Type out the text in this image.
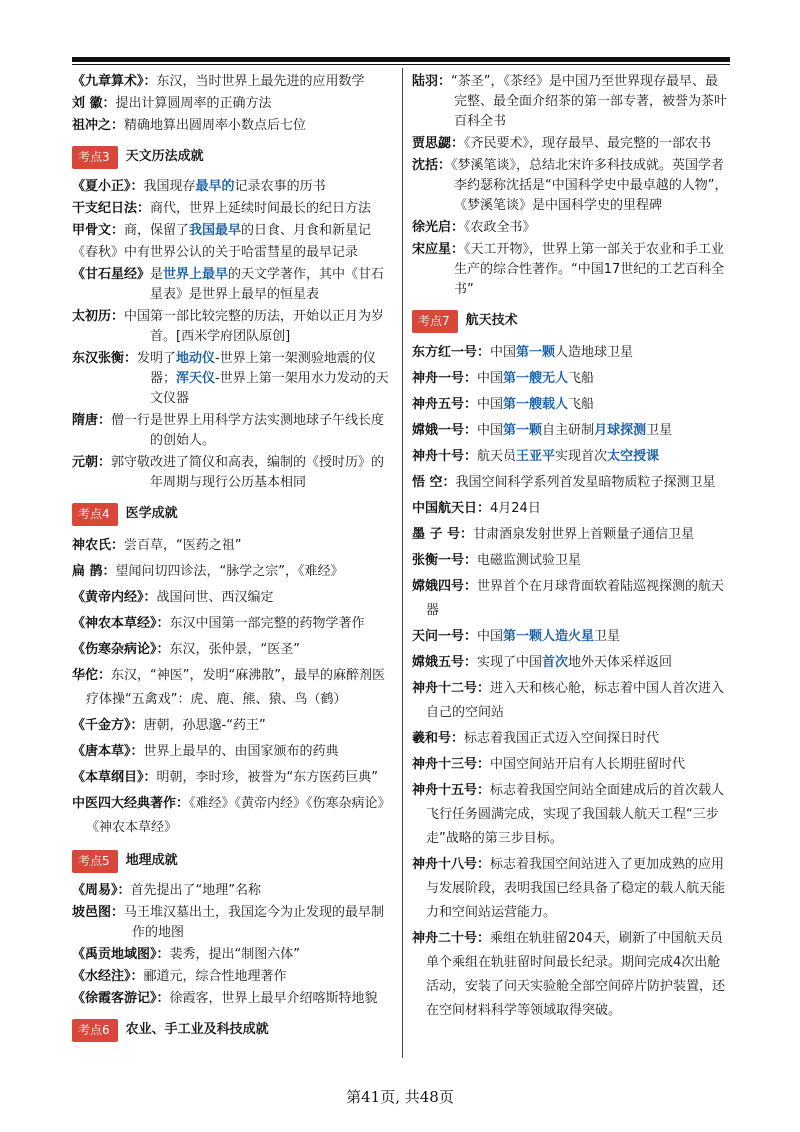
《九章算术》：东汉，当时世界上最先进的应用数学
刘 徽：提出计算圆周率的正确方法
祖冲之：精确地算出圆周率小数点后七位
考点3	天文历法成就
《夏小正》：我国现存最早的记录农事的历书
干支纪日法：商代，世界上延续时间最长的纪日方法
甲骨文：商，保留了我国最早的日食、月食和新星记
《春秋》中有世界公认的关于哈雷彗星的最早记录
《甘石星经》是世界上最早的天文学著作，其中《甘石星表》是世界上最早的恒星表
太初历：中国第一部比较完整的历法，开始以正月为岁首。[西米学府团队原创]
东汉张衡：发明了地动仪-世界上第一架测验地震的仪器；浑天仪-世界上第一架用水力发动的天文仪器
隋唐：僧一行是世界上用科学方法实测地球子午线长度的创始人。
元朝：郭守敬改进了简仪和高表，编制的《授时历》的年周期与现行公历基本相同
考点4	医学成就
神农氏：尝百草，“医药之祖”
扁 鹊：望闻问切四诊法，“脉学之宗”，《难经》
《黄帝内经》：战国问世、西汉编定
《神农本草经》：东汉中国第一部完整的药物学著作
《伤寒杂病论》：东汉，张仲景，“医圣”
华佗：东汉，“神医”，发明“麻沸散”，最早的麻醉剂医疗体操“五禽戏”：虎、鹿、熊、猿、鸟（鹤）
《千金方》：唐朝，孙思邈-“药王”
《唐本草》：世界上最早的、由国家颁布的药典
《本草纲目》：明朝，李时珍，被誉为“东方医药巨典”
中医四大经典著作：《难经》《黄帝内经》《伤寒杂病论》《神农本草经》
考点5	地理成就
《周易》：首先提出了“地理”名称
坡邑图：马王堆汉墓出土，我国迄今为止发现的最早制作的地图
《禹贡地域图》：裴秀，提出“制图六体”
《水经注》：郦道元，综合性地理著作
《徐霞客游记》：徐霞客，世界上最早介绍喀斯特地貌
考点6	农业、手工业及科技成就
陆羽：“茶圣”，《茶经》是中国乃至世界现存最早、最完整、最全面介绍茶的第一部专著，被誉为茶叶百科全书
贾思勰：《齐民要术》，现存最早、最完整的一部农书
沈括：《梦溪笔谈》，总结北宋许多科技成就。英国学者李约瑟称沈括是“中国科学史中最卓越的人物”，《梦溪笔谈》是中国科学史的里程碑
徐光启：《农政全书》
宋应星：《天工开物》，世界上第一部关于农业和手工业生产的综合性著作。“中国17世纪的工艺百科全书”
考点7	航天技术
东方红一号：中国第一颗人造地球卫星
神舟一号：中国第一艘无人飞船
神舟五号：中国第一艘载人飞船
嫦娥一号：中国第一颗自主研制月球探测卫星
神舟十号：航天员王亚平实现首次太空授课
悟 空：我国空间科学系列首发星暗物质粒子探测卫星
中国航天日：4月24日
墨 子 号：甘肃酒泉发射世界上首颗量子通信卫星
张衡一号：电磁监测试验卫星
嫦娥四号：世界首个在月球背面软着陆巡视探测的航天器
天问一号：中国第一颗人造火星卫星
嫦娥五号：实现了中国首次地外天体采样返回
神舟十二号：进入天和核心舱，标志着中国人首次进入自己的空间站
羲和号：标志着我国正式迈入空间探日时代
神舟十三号：中国空间站开启有人长期驻留时代
神舟十五号：标志着我国空间站全面建成后的首次载人飞行任务圆满完成，实现了我国载人航天工程“三步走”战略的第三步目标。
神舟十八号：标志着我国空间站进入了更加成熟的应用与发展阶段，表明我国已经具备了稳定的载人航天能力和空间站运营能力。
神舟二十号：乘组在轨驻留204天，刷新了中国航天员单个乘组在轨驻留时间最长纪录。期间完成4次出舱活动，安装了问天实验舱全部空间碎片防护装置，还在空间材料科学等领域取得突破。
第41页, 共48页
